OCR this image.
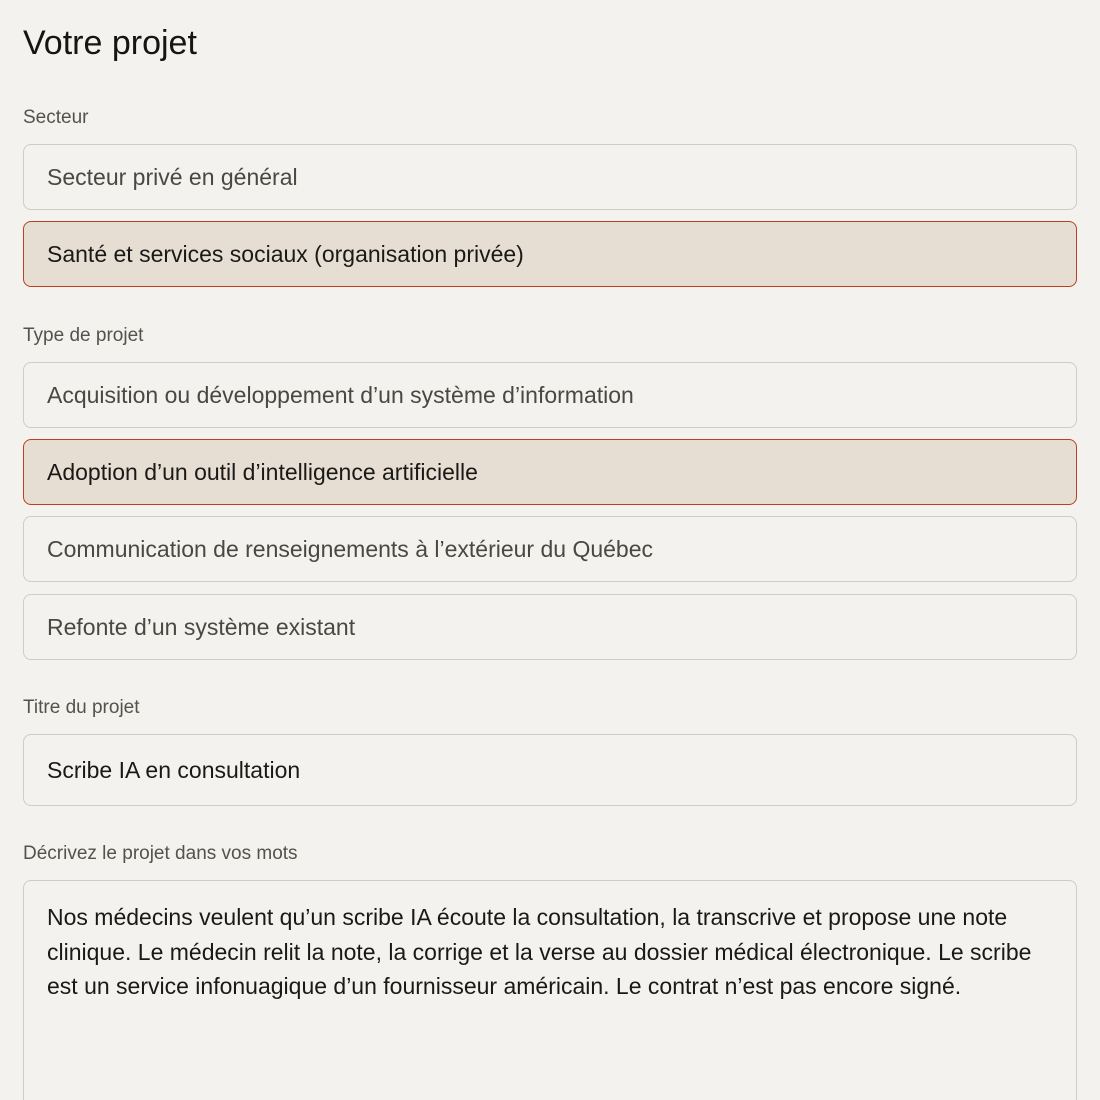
Votre projet
Secteur
Secteur privé en général
Santé et services sociaux (organisation privée)
Type de projet
Acquisition ou développement d’un système d’information
Adoption d’un outil d’intelligence artificielle
Communication de renseignements à l’extérieur du Québec
Refonte d’un système existant
Titre du projet
Scribe IA en consultation
Décrivez le projet dans vos mots
Nos médecins veulent qu’un scribe IA écoute la consultation, la transcrive et propose une note clinique. Le médecin relit la note, la corrige et la verse au dossier médical électronique. Le scribe est un service infonuagique d’un fournisseur américain. Le contrat n’est pas encore signé.
